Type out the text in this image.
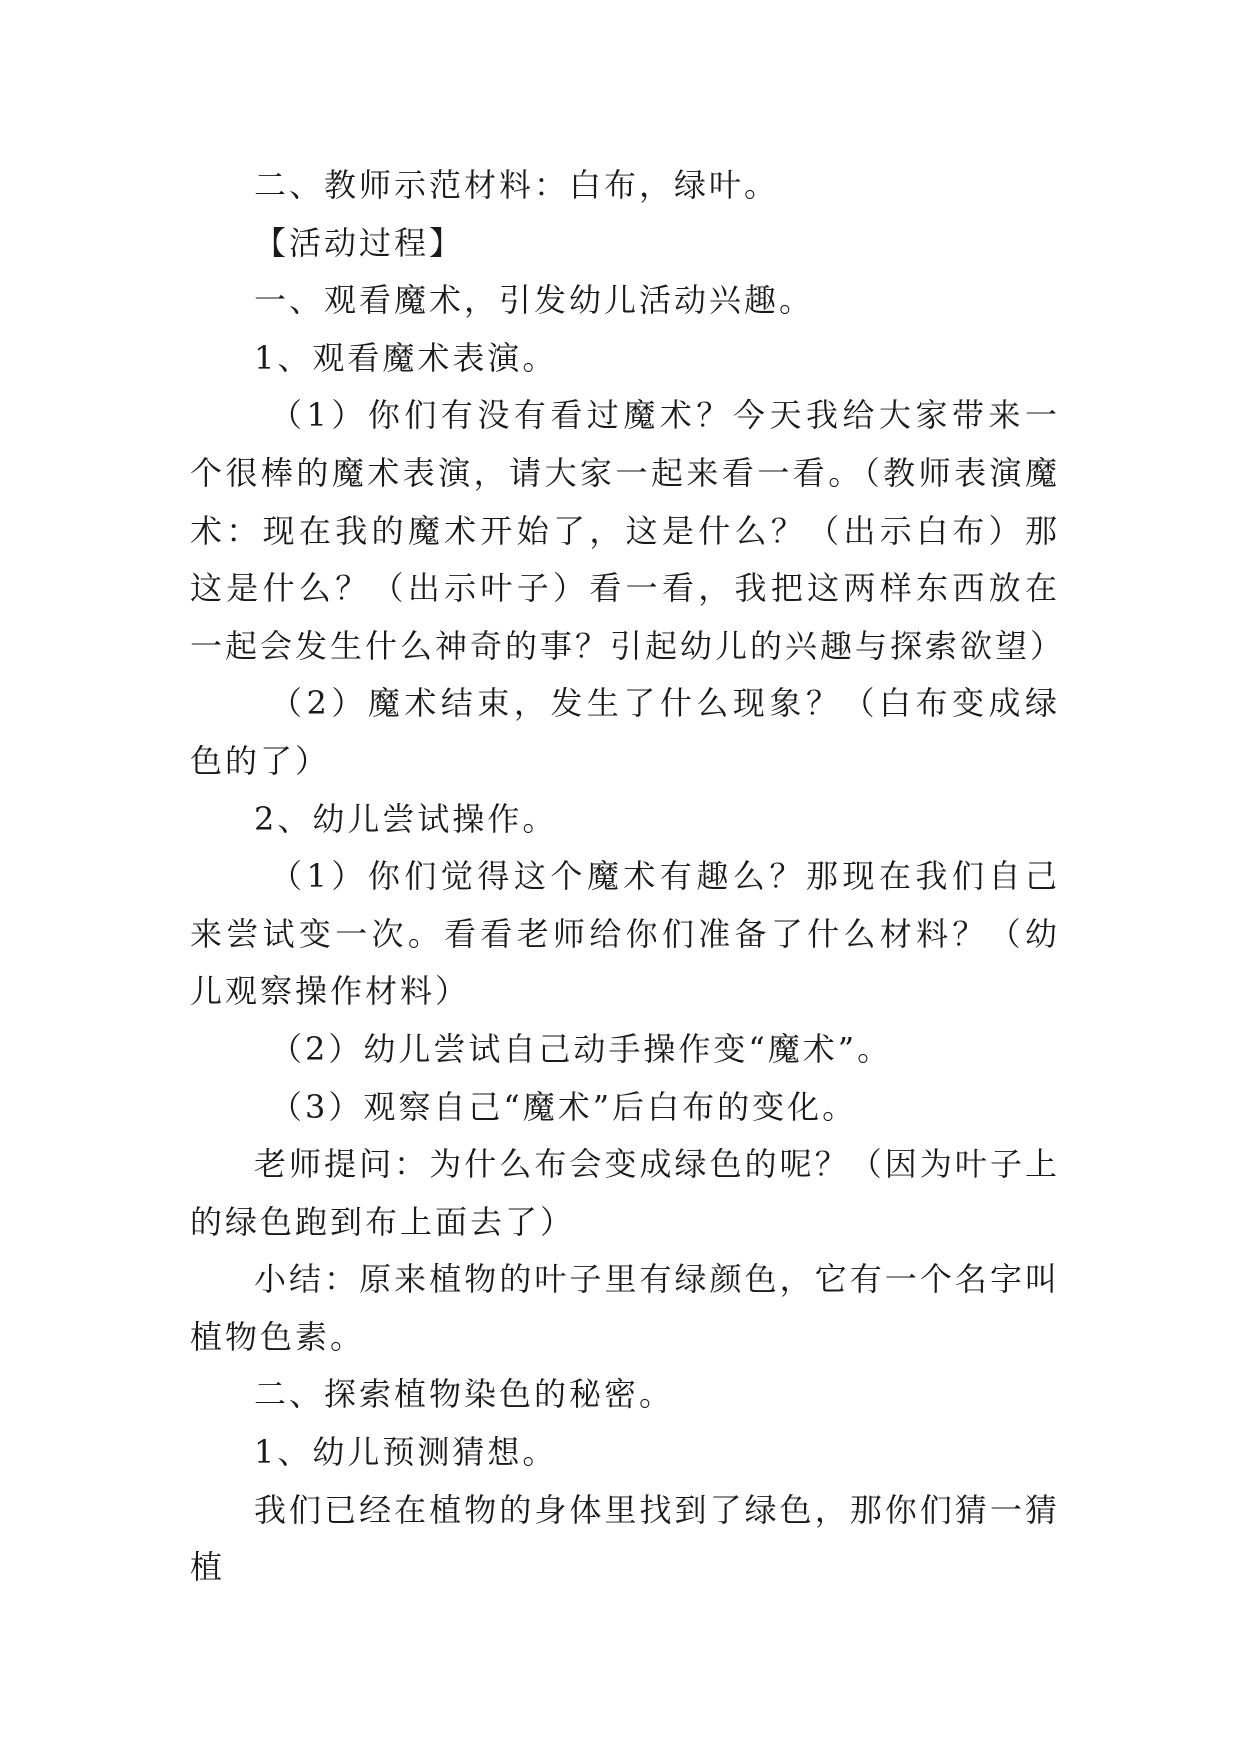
二、教师示范材料：白布，绿叶。

【活动过程】

一、观看魔术，引发幼儿活动兴趣。

1、观看魔术表演。

（1）你们有没有看过魔术？今天我给大家带来一个很棒的魔术表演，请大家一起来看一看。（教师表演魔术：现在我的魔术开始了，这是什么？（出示白布）那这是什么？（出示叶子）看一看，我把这两样东西放在一起会发生什么神奇的事？引起幼儿的兴趣与探索欲望）

（2）魔术结束，发生了什么现象？（白布变成绿色的了）

2、幼儿尝试操作。

（1）你们觉得这个魔术有趣么？那现在我们自己来尝试变一次。看看老师给你们准备了什么材料？（幼儿观察操作材料）

（2）幼儿尝试自己动手操作变“魔术”。

（3）观察自己“魔术”后白布的变化。

老师提问：为什么布会变成绿色的呢？（因为叶子上的绿色跑到布上面去了）

小结：原来植物的叶子里有绿颜色，它有一个名字叫植物色素。

二、探索植物染色的秘密。

1、幼儿预测猜想。

我们已经在植物的身体里找到了绿色，那你们猜一猜植
